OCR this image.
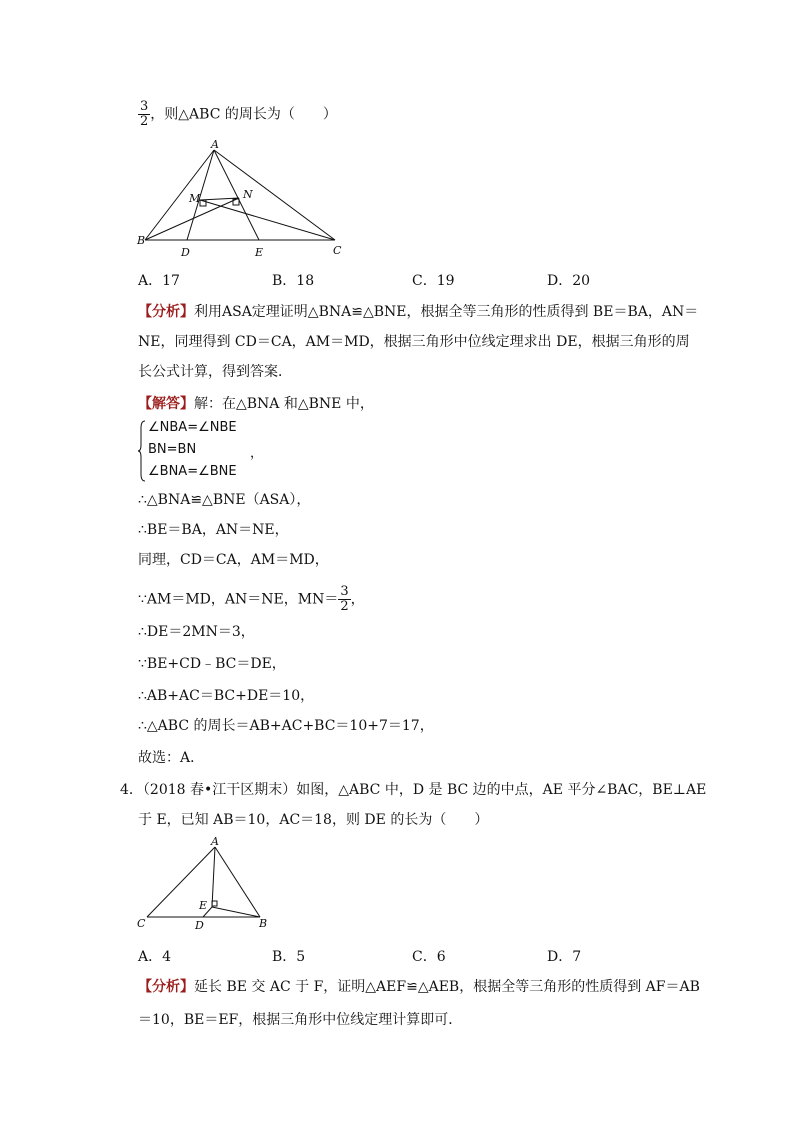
$\frac{3}{2}$ ，则△ABC 的周长为（　　）
A
M	N
B
D	E	C
A．17	B．18	C．19	D．20
【分析】利用ASA定理证明△BNA≌△BNE，根据全等三角形的性质得到 BE＝BA，AN＝
NE，同理得到 CD＝CA，AM＝MD，根据三角形中位线定理求出 DE，根据三角形的周
长公式计算，得到答案．
【解答】解：在△BNA 和△BNE 中，
∠NBA=∠NBE
BN=BN	，
∠BNA=∠BNE
∴△BNA≌△BNE（ASA），
∴BE＝BA，AN＝NE，
同理，CD＝CA，AM＝MD，
∵AM＝MD，AN＝NE，$MN= \frac{3}{2}$ ，
∴DE＝2MN＝3，
∵BE+CD﹣BC＝DE，
∴AB+AC＝BC+DE＝10，
∴△ABC 的周长＝AB+AC+BC＝10+7＝17，
故选：A．
4．（2018 春•江干区期末）如图，△ABC 中，D 是 BC 边的中点，AE 平分∠BAC，BE⊥AE
于 E，已知 AB＝10，AC＝18，则 DE 的长为（　　）
A
E
C	D	B
A．4	B．5	C．6	D．7
【分析】延长 BE 交 AC 于 F，证明△AEF≌△AEB，根据全等三角形的性质得到 AF＝AB
＝10，BE＝EF，根据三角形中位线定理计算即可．
